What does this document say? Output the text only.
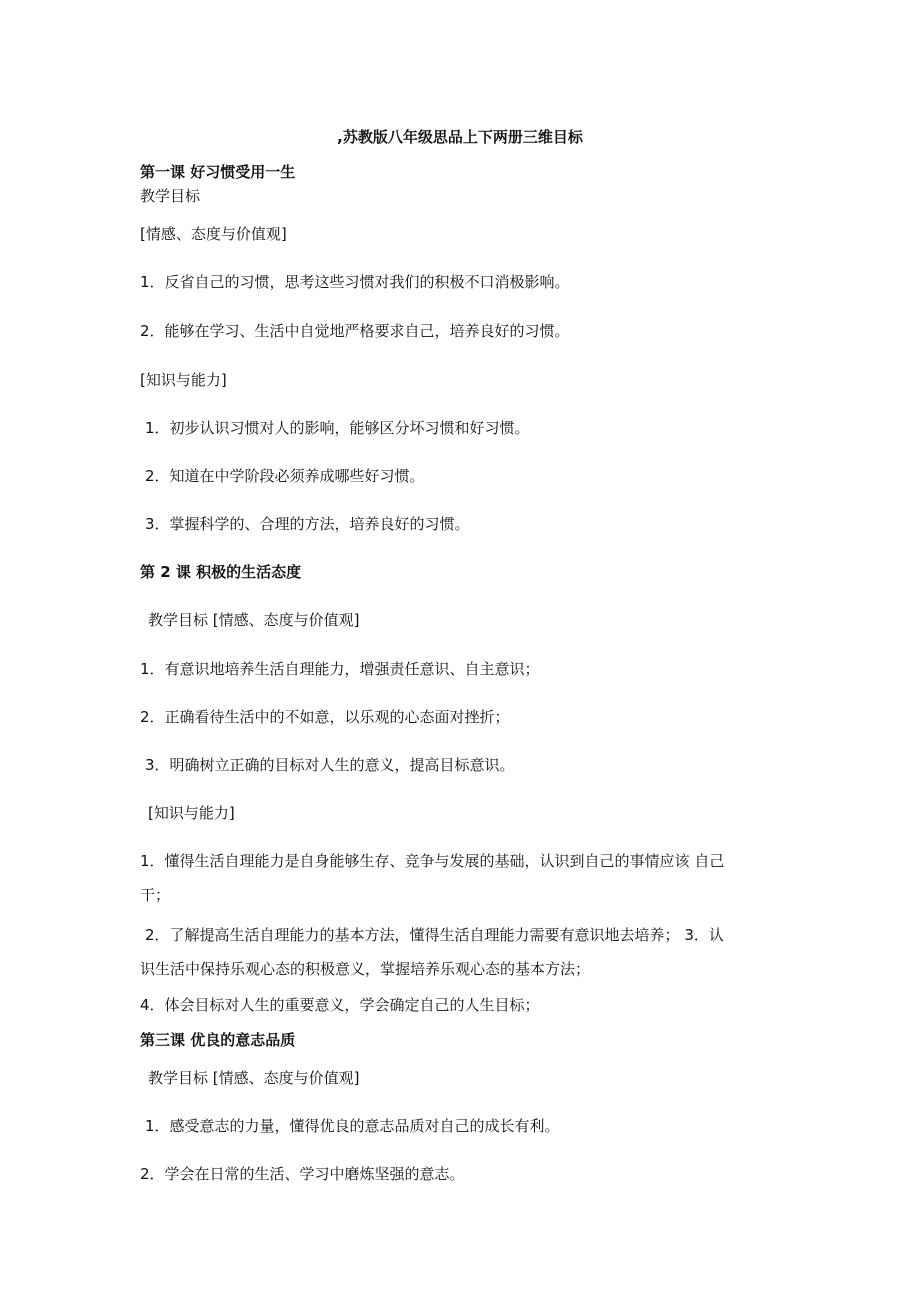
,苏教版八年级思品上下两册三维目标
第一课 好习惯受用一生
教学目标
[情感、态度与价值观]
1．反省自己的习惯，思考这些习惯对我们的积极不口消极影响。
2．能够在学习、生活中自觉地严格要求自己，培养良好的习惯。
[知识与能力]
1．初步认识习惯对人的影响，能够区分坏习惯和好习惯。
2．知道在中学阶段必须养成哪些好习惯。
3．掌握科学的、合理的方法，培养良好的习惯。
第 2 课 积极的生活态度
教学目标 [情感、态度与价值观]
1．有意识地培养生活自理能力，增强责任意识、自主意识；
2．正确看待生活中的不如意，以乐观的心态面对挫折；
3．明确树立正确的目标对人生的意义，提高目标意识。
[知识与能力]
1．懂得生活自理能力是自身能够生存、竞争与发展的基础，认识到自己的事情应该 自己
干；
2．了解提高生活自理能力的基本方法，懂得生活自理能力需要有意识地去培养； 3．认
识生活中保持乐观心态的积极意义，掌握培养乐观心态的基本方法；
4．体会目标对人生的重要意义，学会确定自己的人生目标；
第三课 优良的意志品质
教学目标 [情感、态度与价值观]
1．感受意志的力量，懂得优良的意志品质对自己的成长有利。
2．学会在日常的生活、学习中磨炼坚强的意志。
